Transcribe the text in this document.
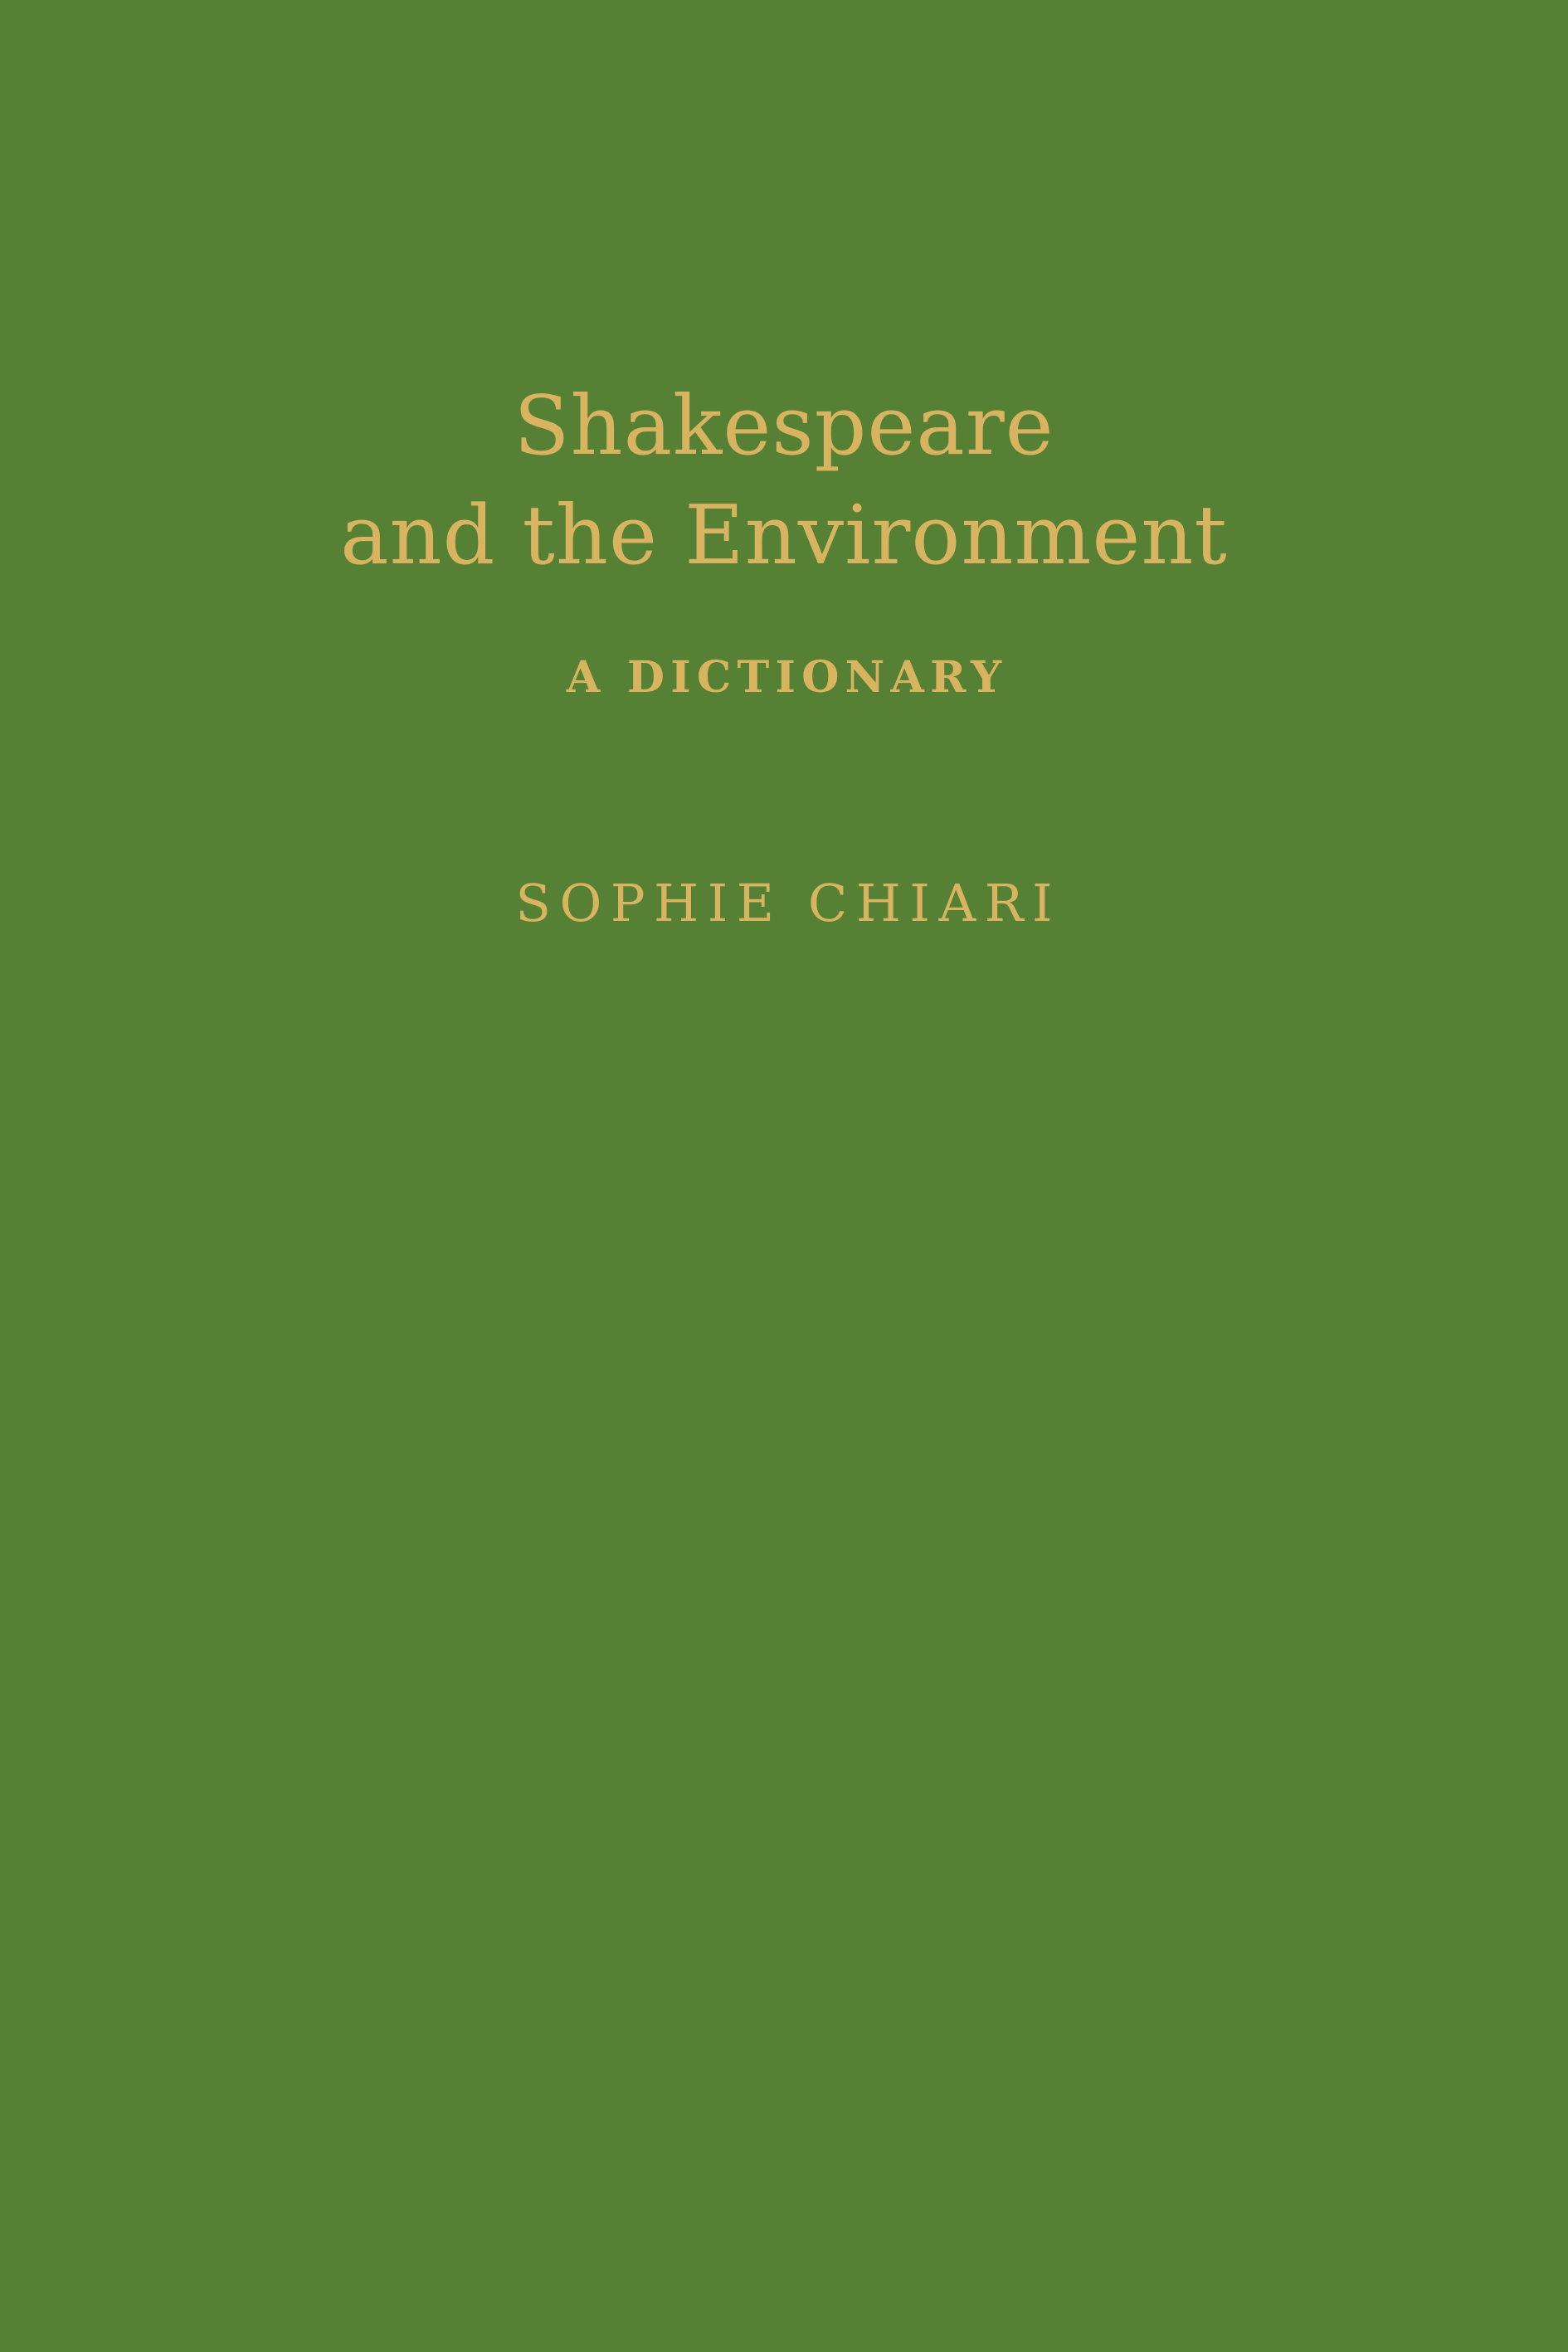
Shakespeare
and the Environment

A DICTIONARY

SOPHIE CHIARI
